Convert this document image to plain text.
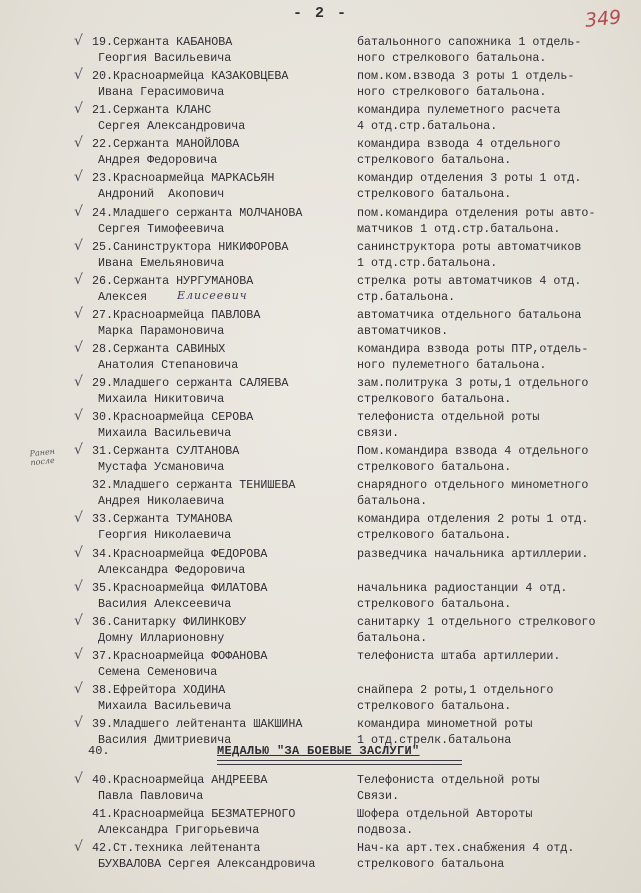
- 2 -	349
Ранен
после
√ 19.Сержанта КАБАНОВА
Георгия Васильевича
батальонного сапожника 1 отдель-
ного стрелкового батальона.
√ 20.Красноармейца КАЗАКОВЦЕВА
Ивана Герасимовича
пом.ком.взвода 3 роты 1 отдель-
ного стрелкового батальона.
√ 21.Сержанта КЛАНС
Сергея Александровича
командира пулеметного расчета
4 отд.стр.батальона.
√ 22.Сержанта МАНОЙЛОВА
Андрея Федоровича
командира взвода 4 отдельного
стрелкового батальона.
√ 23.Красноармейца МАРКАСЬЯН
Андроний  Акопович
командир отделения 3 роты 1 отд.
стрелкового батальона.
√ 24.Младшего сержанта МОЛЧАНОВА
Сергея Тимофеевича
пом.командира отделения роты авто-
матчиков 1 отд.стр.батальона.
√ 25.Санинструктора НИКИФОРОВА
Ивана Емельяновича
санинструктора роты автоматчиков
1 отд.стр.батальона.
√ 26.Сержанта НУРГУМАНОВА
Алексея
стрелка роты автоматчиков 4 отд.
стр.батальона.
Елисеевич
√ 27.Красноармейца ПАВЛОВА
Марка Парамоновича
автоматчика отдельного батальона
автоматчиков.
√ 28.Сержанта САВИНЫХ
Анатолия Степановича
командира взвода роты ПТР,отдель-
ного пулеметного батальона.
√ 29.Младшего сержанта САЛЯЕВА
Михаила Никитовича
зам.политрука 3 роты,1 отдельного
стрелкового батальона.
√ 30.Красноармейца СЕРОВА
Михаила Васильевича
телефониста отдельной роты
связи.
√ 31.Сержанта СУЛТАНОВА
Мустафа Усмановича
Пом.командира взвода 4 отдельного
стрелкового батальона.
32.Младшего сержанта ТЕНИШЕВА
Андрея Николаевича
снарядного отдельного минометного
батальона.
√ 33.Сержанта ТУМАНОВА
Георгия Николаевича
командира отделения 2 роты 1 отд.
стрелкового батальона.
√ 34.Красноармейца ФЕДОРОВА
Александра Федоровича
разведчика начальника артиллерии.
√ 35.Красноармейца ФИЛАТОВА
Василия Алексеевича
начальника радиостанции 4 отд.
стрелкового батальона.
√ 36.Санитарку ФИЛИНКОВУ
Домну Илларионовну
санитарку 1 отдельного стрелкового
батальона.
√ 37.Красноармейца ФОФАНОВА
Семена Семеновича
телефониста штаба артиллерии.
√ 38.Ефрейтора ХОДИНА
Михаила Васильевича
снайпера 2 роты,1 отдельного
стрелкового батальона.
√ 39.Младшего лейтенанта ШАКШИНА
Василия Дмитриевича
командира минометной роты
1 отд.стрелк.батальона
√ 40.Красноармейца АНДРЕЕВА
Павла Павловича
Телефониста отдельной роты
Связи.
41.Красноармейца БЕЗМАТЕРНОГО
Александра Григорьевича
Шофера отдельной Автороты
подвоза.
√ 42.Ст.техника лейтенанта
БУХВАЛОВА Сергея Александровича
Нач-ка арт.тех.снабжения 4 отд.
стрелкового батальона
40.	МЕДАЛЬЮ "ЗА БОЕВЫЕ ЗАСЛУГИ"
